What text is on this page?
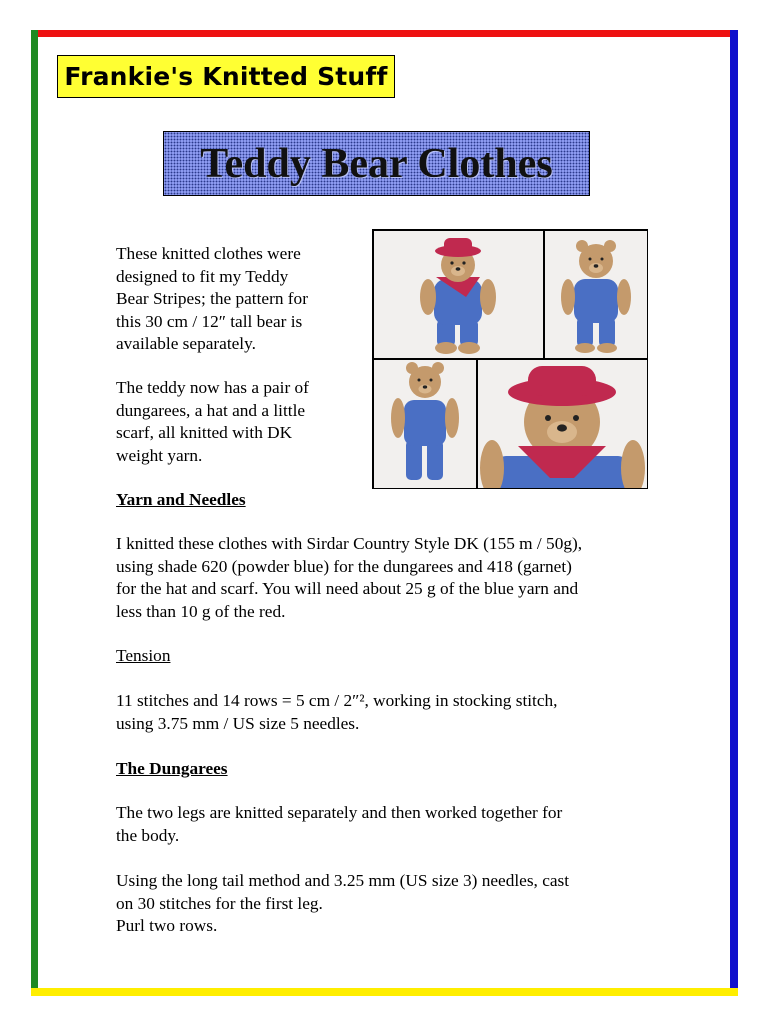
Frankie's Knitted Stuff
Teddy Bear Clothes

These knitted clothes were

designed to fit my Teddy

Bear Stripes; the pattern for

this 30 cm / 12″ tall bear is

available separately.

The teddy now has a pair of

dungarees, a hat and a little

scarf, all knitted with DK

weight yarn.

Yarn and Needles

I knitted these clothes with Sirdar Country Style DK (155 m / 50g),

using shade 620 (powder blue) for the dungarees and 418 (garnet)

for the hat and scarf. You will need about 25 g of the blue yarn and

less than 10 g of the red.

Tension

11 stitches and 14 rows = 5 cm / 2″², working in stocking stitch,

using 3.75 mm / US size 5 needles.

The Dungarees

The two legs are knitted separately and then worked together for

the body.

Using the long tail method and 3.25 mm (US size 3) needles, cast

on 30 stitches for the first leg.

Purl two rows.
